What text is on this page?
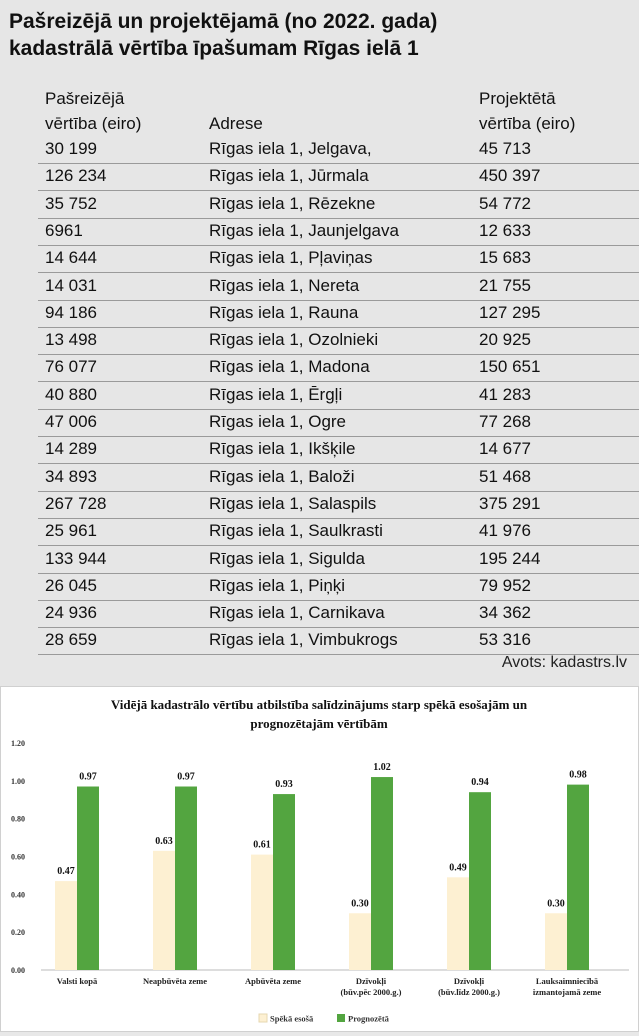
Pašreizējā un projektējamā (no 2022. gada)
kadastrālā vērtība īpašumam Rīgas ielā 1
Pašreizējā
vērtība (eiro)	Adrese
Projektētā
vērtība (eiro)
30 199	Rīgas iela 1, Jelgava,	45 713
126 234	Rīgas iela 1, Jūrmala	450 397
35 752	Rīgas iela 1, Rēzekne	54 772
6961	Rīgas iela 1, Jaunjelgava	12 633
14 644	Rīgas iela 1, Pļaviņas	15 683
14 031	Rīgas iela 1, Nereta	21 755
94 186	Rīgas iela 1, Rauna	127 295
13 498	Rīgas iela 1, Ozolnieki	20 925
76 077	Rīgas iela 1, Madona	150 651
40 880	Rīgas iela 1, Ērgļi	41 283
47 006	Rīgas iela 1, Ogre	77 268
14 289	Rīgas iela 1, Ikšķile	14 677
34 893	Rīgas iela 1, Baloži	51 468
267 728	Rīgas iela 1, Salaspils	375 291
25 961	Rīgas iela 1, Saulkrasti	41 976
133 944	Rīgas iela 1, Sigulda	195 244
26 045	Rīgas iela 1, Piņķi	79 952
24 936	Rīgas iela 1, Carnikava	34 362
28 659	Rīgas iela 1, Vimbukrogs	53 316
Avots: kadastrs.lv
Vidējā kadastrālo vērtību atbilstība salīdzinājums starp spēkā esošajām un
prognozētajām vērtībām
0.00
0.20
0.40
0.60
0.80
1.00
1.20
0.47
0.97
Valsti kopā
0.63
0.97
Neapbūvēta zeme
0.61
0.93
Apbūvēta zeme
0.30
1.02
Dzīvokļi
(būv.pēc 2000.g.)
0.49
0.94
Dzīvokļi
(būv.līdz 2000.g.)
0.30
0.98
Lauksaimniecībā
izmantojamā zeme
Spēkā esošā	Prognozētā
